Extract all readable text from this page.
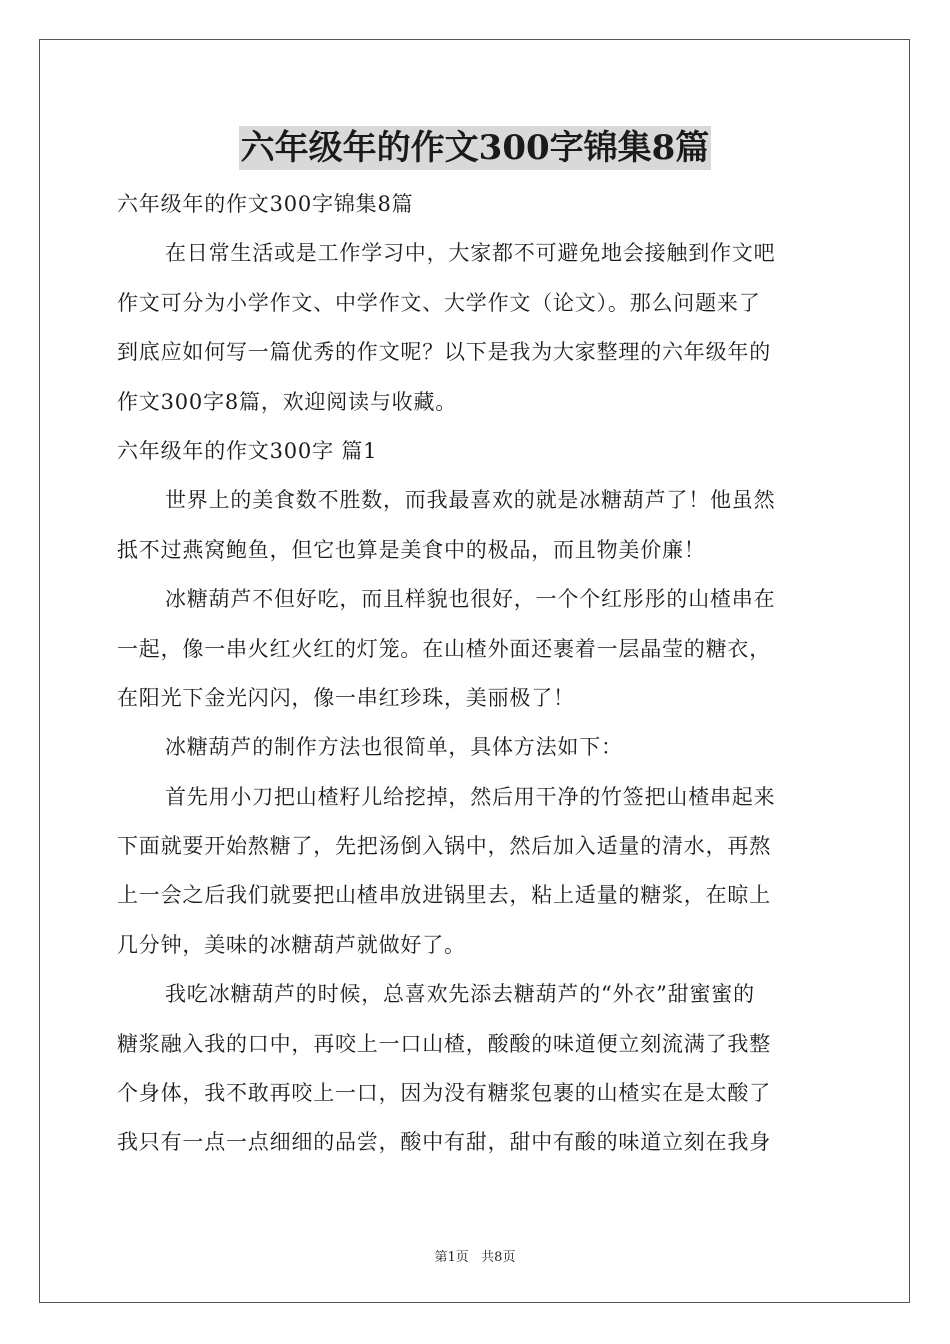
六年级年的作文300字锦集8篇
六年级年的作文300字锦集8篇
在日常生活或是工作学习中，大家都不可避免地会接触到作文吧
作文可分为小学作文、中学作文、大学作文（论文）。那么问题来了
到底应如何写一篇优秀的作文呢？以下是我为大家整理的六年级年的
作文300字8篇，欢迎阅读与收藏。
六年级年的作文300字 篇1
世界上的美食数不胜数，而我最喜欢的就是冰糖葫芦了！他虽然
抵不过燕窝鲍鱼，但它也算是美食中的极品，而且物美价廉！
冰糖葫芦不但好吃，而且样貌也很好，一个个红彤彤的山楂串在
一起，像一串火红火红的灯笼。在山楂外面还裹着一层晶莹的糖衣，
在阳光下金光闪闪，像一串红珍珠，美丽极了！
冰糖葫芦的制作方法也很简单，具体方法如下：
首先用小刀把山楂籽儿给挖掉，然后用干净的竹签把山楂串起来
下面就要开始熬糖了，先把汤倒入锅中，然后加入适量的清水，再熬
上一会之后我们就要把山楂串放进锅里去，粘上适量的糖浆，在晾上
几分钟，美味的冰糖葫芦就做好了。
我吃冰糖葫芦的时候，总喜欢先添去糖葫芦的“外衣”甜蜜蜜的
糖浆融入我的口中，再咬上一口山楂，酸酸的味道便立刻流满了我整
个身体，我不敢再咬上一口，因为没有糖浆包裹的山楂实在是太酸了
我只有一点一点细细的品尝，酸中有甜，甜中有酸的味道立刻在我身
第1页   共8页
